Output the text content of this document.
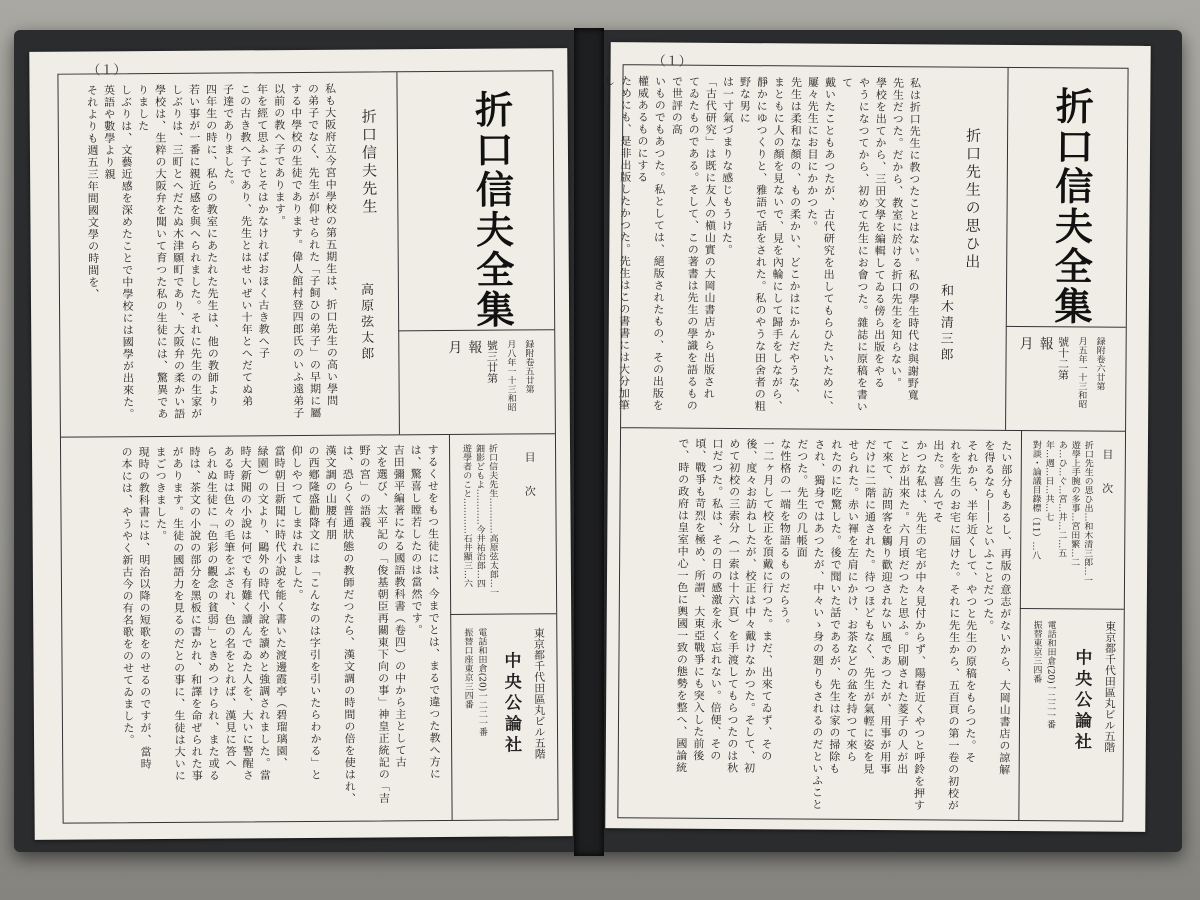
（１）
折口信夫全集
報　月	號三廿第 月八年一十三和昭 録附卷五廿第
折口信夫先生
高原弦太郎
私も大阪府立今宮中學校の第五期生は、折口先生の高い學問
の弟子でなく、先生が仰せられた「子飼ひの弟子」の早期に屬
する中學校の生徒であります。偉人館村登四郎氏のいふ遠弟子
以前の教へ子であります。
年を經て思ふことそはかなければおほく古き教へ子
この古き教へ子であり、先生とはせいぜい十年とへだてぬ弟
子達でありました。
四年生の時に、私らの教室にあたれた先生は、他の教師より
若い事が一番に親近感を與へられました。それに先生の生家が
しぶりは、三町とへだたぬ木津願町であり、大阪弁の柔かい語
學校は、生粹の大阪弁を聞いて育つた私の生徒には、驚異でありました
しぶりは、文藝近感を深めたことで中學校には國學が出來た。英語や數學より親
それよりも週五三年間國文學の時間を、
目　次
折口信夫先生…………高原弦太郎…一
鈿影どもよ…………今井祐治郎…四
遊學者のこと…………石井顯三…六
東京都千代田區丸ビル五階
中央公論社
電話和田倉(20)一二二一番
振替口座東京三四番
するくせをもつ生徒には、今までとは、まるで違つた教へ方に
は、驚喜し瞠若したのは當然です。
吉田彌平編著になる國語教科書（卷四）の中から主として古
文を選び、太平記の「俊基朝臣再關東下向の事」神皇正統記の「吉野の宮」の語義
は、恐らく普通狀態の教師だつたら、漢文調の時間の倍を使はれ、漢文調の山腰有朋
の西鄕隆盛勸降文には「こんなのは字引を引いたらわかる」と
仰しやつてしまはれました。
當時朝日新聞に時代小說を能く書いた渡邊霞亭（碧瑠璃園、
緑園）の文より、鷗外の時代小說を讀めと強調されました。當
時大新聞の小說は何でも有難く讀んでゐた人を、大いに警醒さ
ある時は色々の毛筆をぶされ、色の名をとれば、漢見に答へ
られぬ生徒に「色彩の觀念の貧弱」ときめつけられ、また或る
時は、茶文の小說の部分を黑板に書かれ、和譯を命ぜられた事
があります。生徒の國語力を見るのだとの事に、生徒は大いに
まごつきました。
現時の教科書には、明治以降の短歌をのせるのですが、當時
の本には、やうやく新古今の有名歌をのせてゐました。
（１）
折口信夫全集
報　月	號十二第 月五年一十三和昭 録附卷六廿第
折口先生の思ひ出
和木清三郎
私は折口先生に教つたことはない。私の學生時代は與謝野寬
先生だつた。だから、教室に於ける折口先生を知らない。
學校を出てから、三田文學を編輯してゐる傍ら出版をやる
やうになつてから、初めて先生にお會つた。雜誌に原稿を書いて
戴いたこともあつたが、古代研究を出してもらひたいために、
屢々先生にお目にかかつた。
先生は柔和な顏の、もの柔かい、どこかはにかんだやうな、
まともに人の顏を見ないで、見を內輪にして歸手をしながら、
靜かにゆつくりと、雅語で話をされた。私のやうな田舍者の粗野な男に
は一寸氣づまりな感じもうけた。
「古代研究」は既に友人の槇山實の大岡山書店から出版され
てゐたものである。そして、この著書は先生の學識を語るもので世評の高
いものでもあつた。私としては、絕版されたもの、その出版を權威あるものにする
ためにも、是非出版したかつた。先生はこの書書には大分加筆し
目　次
折口先生の思ひ出…和木清三郎…一
遊學上手腕の多事…宮田繁…二
あ…ひ…ぐ…宮…井…二…五
年…週…日…共…七
對談・論議目錄標（11）…八
東京都千代田區丸ビル五階
中央公論社
電話和田倉(20)一二二一番
振替東京三四番
たい部分もあるし、再版の意志がないから、大岡山書店の諒解
を得るなら――といふことだつた。
それから、半年近くして、やつと先生の原稿をもらつた。そ
れを先生のお宅に屆けた。それに先生から、五百頁の第一卷の初校が出た。喜んでそ
かつな私は、先生の宅が中々見付からず、陽春近くやつと呼鈴を押す
ことが出來た。六月頃だつたと思ふ。印刷された菱子の人が出
て來て、訪問客を觸り歡迎されない風であつたが、用事が用事
だけに二階に通された。待つほどもなく、先生が氣輕に姿を見
せられた。赤い褌を左肩にかけ、お茶などの盆を持つて來ら
れたのに吃驚した。後で聞いた話であるが、先生は家の掃除も
され、獨身ではあつたが、中々いゝ身の廻りもされるのだといふことだつた。先生の几帳面
な性格の一端を物語るものだらう。
一二ヶ月して校正を頂戴に行つた。まだ、出來てゐず、その
後、度々お訪ねしたが、校正は中々戴けなかつた。そして、初
めて初校の三索分（一索は十六頁）を手渡してもらつたのは秋
口だつた。私は、その日の感激を永く忘れない。倍便、その
頃、戰爭も苛烈を極め、所謂、大東亞戰爭にも突入した前後
で、時の政府は皇室中心一色に輿國一致の態勢を整へ、國論統
